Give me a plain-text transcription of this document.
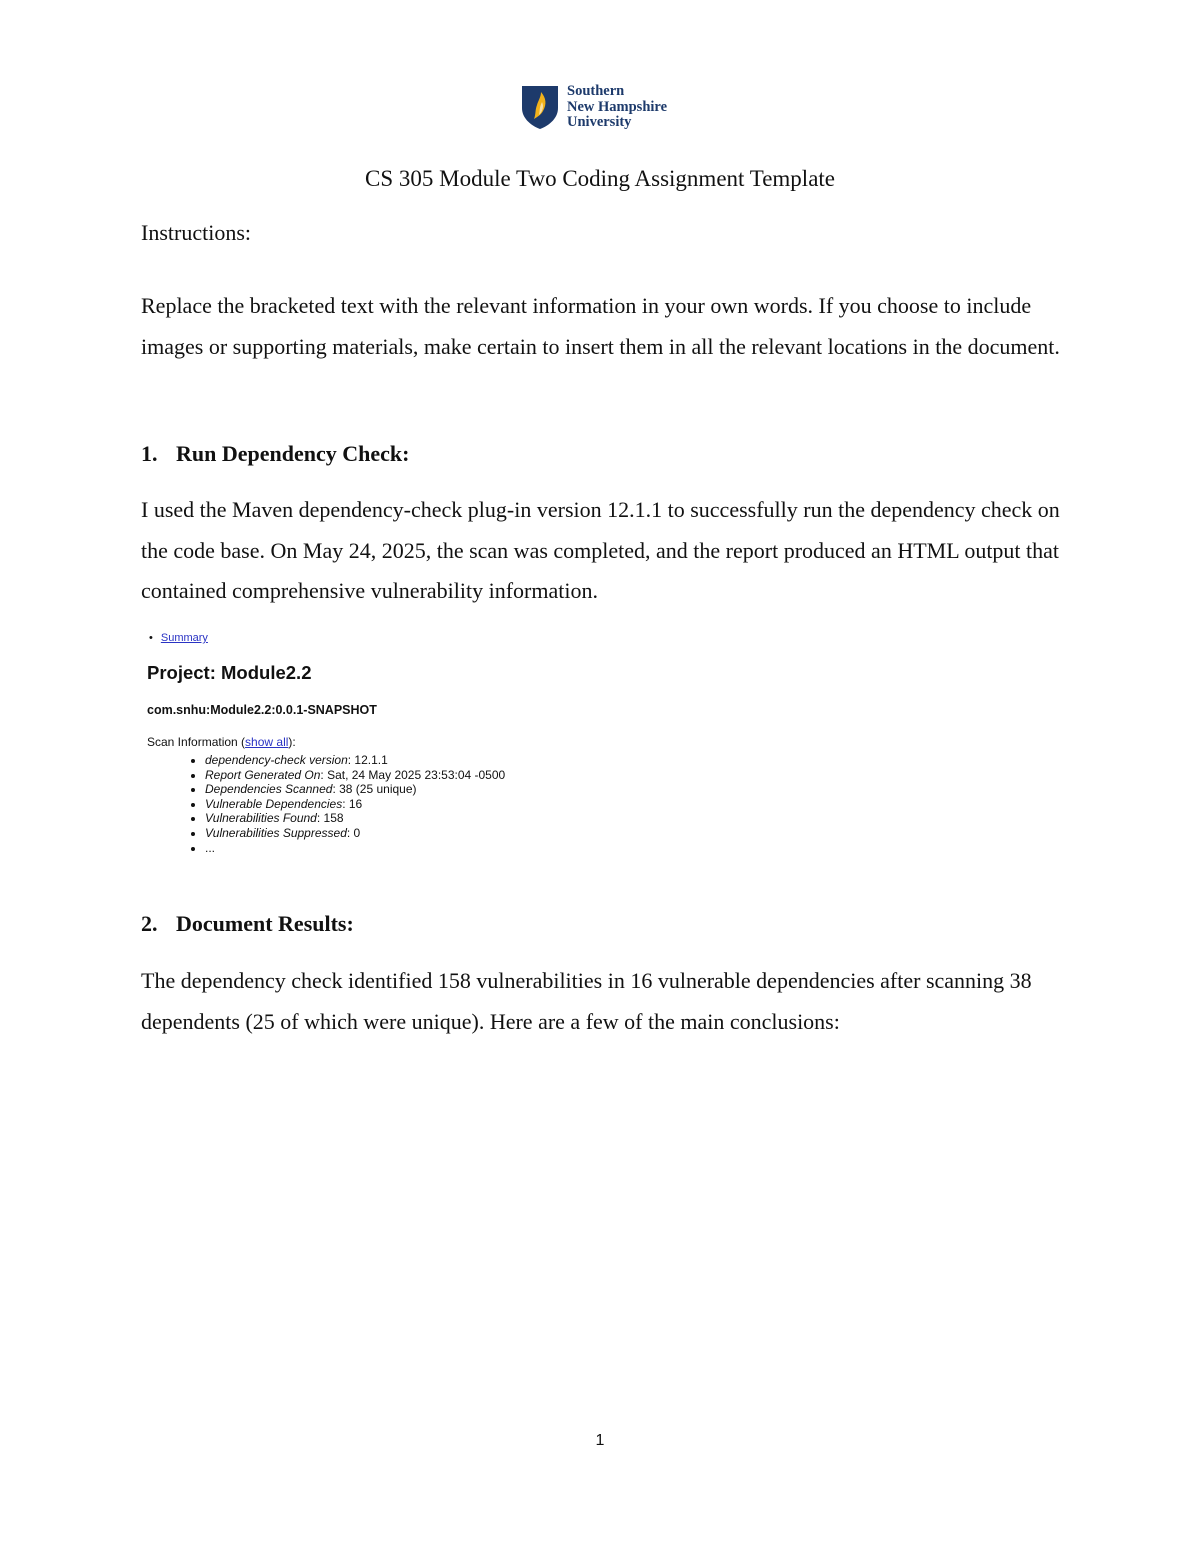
Southern
New Hampshire
University
CS 305 Module Two Coding Assignment Template

Instructions:

Replace the bracketed text with the relevant information in your own words. If you choose to include images or supporting materials, make certain to insert them in all the relevant locations in the document.

1. Run Dependency Check:

I used the Maven dependency-check plug-in version 12.1.1 to successfully run the dependency check on the code base. On May 24, 2025, the scan was completed, and the report produced an HTML output that contained comprehensive vulnerability information.

• Summary
Project: Module2.2
com.snhu:Module2.2:0.0.1-SNAPSHOT
Scan Information (show all):
• dependency-check version: 12.1.1
• Report Generated On: Sat, 24 May 2025 23:53:04 -0500
• Dependencies Scanned: 38 (25 unique)
• Vulnerable Dependencies: 16
• Vulnerabilities Found: 158
• Vulnerabilities Suppressed: 0
• ...

2. Document Results:

The dependency check identified 158 vulnerabilities in 16 vulnerable dependencies after scanning 38 dependents (25 of which were unique). Here are a few of the main conclusions:

1
